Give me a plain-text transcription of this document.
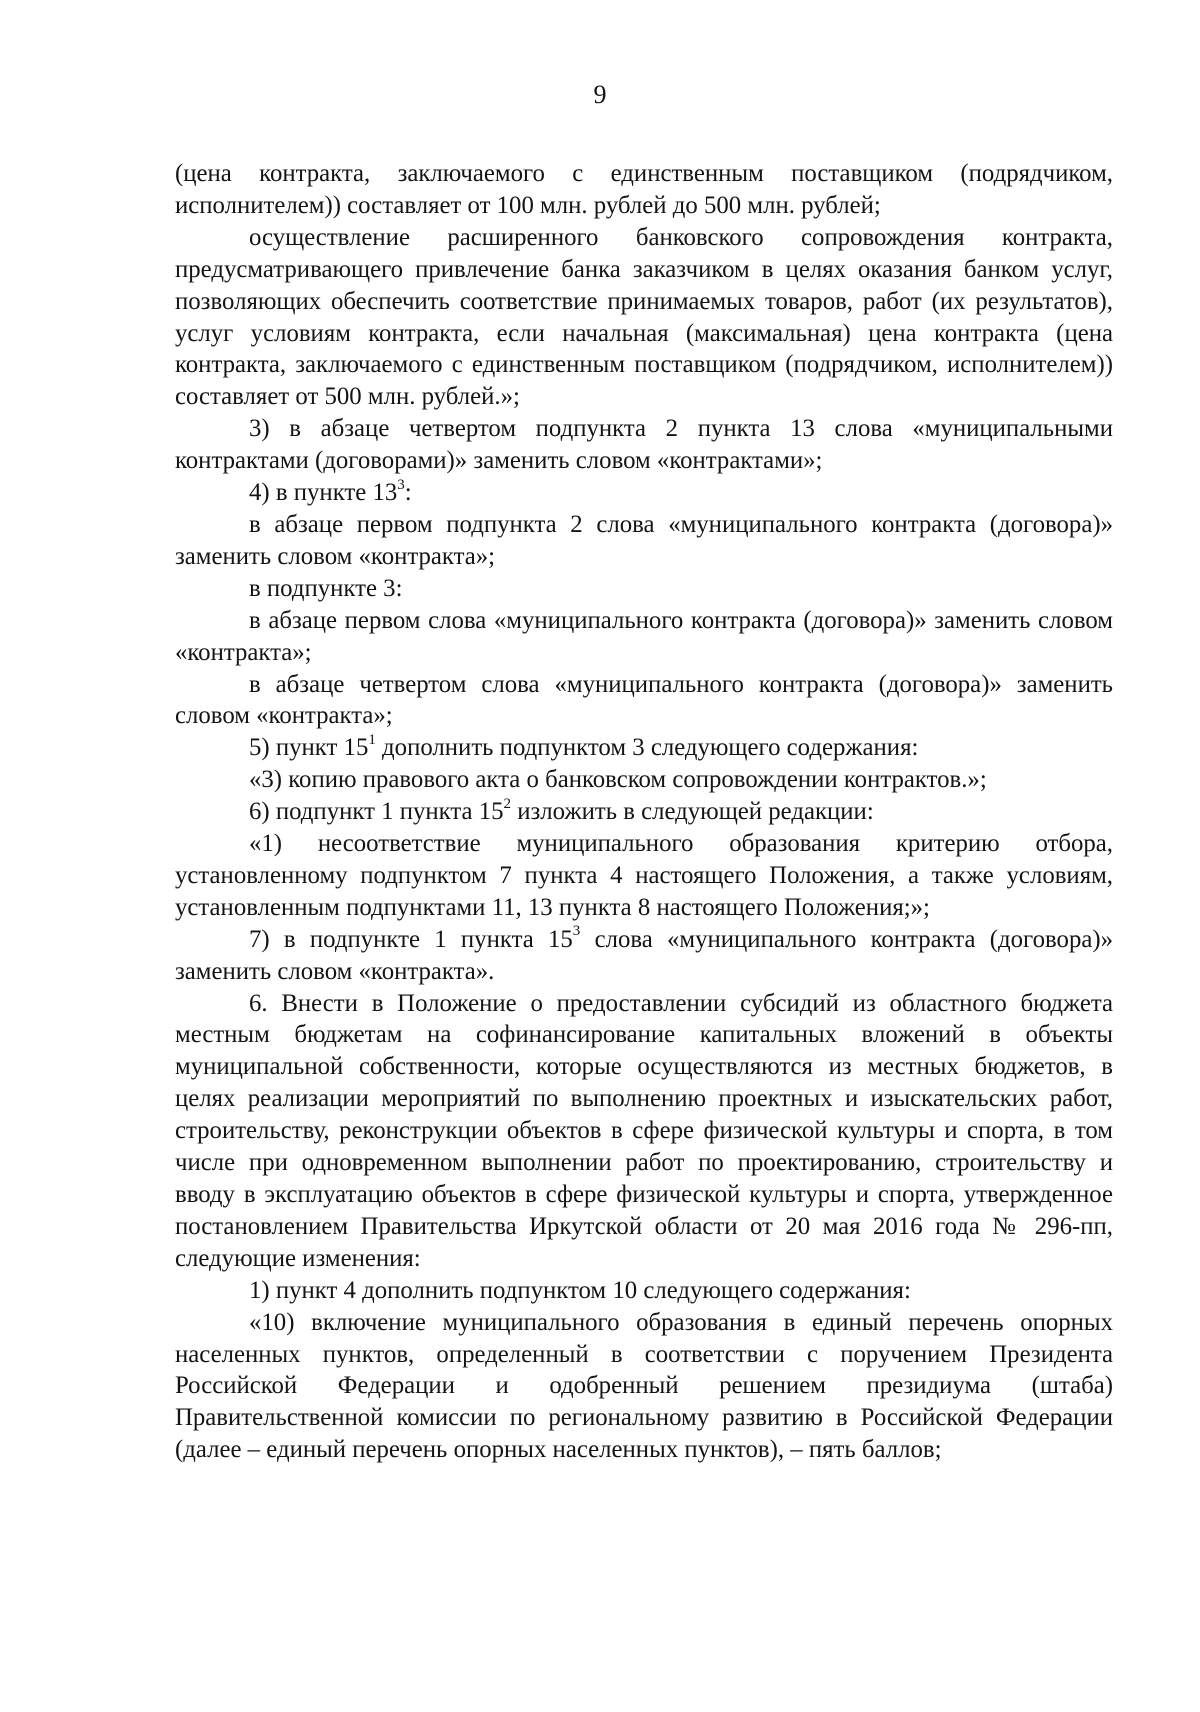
9

(цена контракта, заключаемого с единственным поставщиком (подрядчиком, исполнителем)) составляет от 100 млн. рублей до 500 млн. рублей;

осуществление расширенного банковского сопровождения контракта, предусматривающего привлечение банка заказчиком в целях оказания банком услуг, позволяющих обеспечить соответствие принимаемых товаров, работ (их результатов), услуг условиям контракта, если начальная (максимальная) цена контракта (цена контракта, заключаемого с единственным поставщиком (подрядчиком, исполнителем)) составляет от 500 млн. рублей.»;

3) в абзаце четвертом подпункта 2 пункта 13 слова «муниципальными контрактами (договорами)» заменить словом «контрактами»;

4) в пункте $13^3$:

в абзаце первом подпункта 2 слова «муниципального контракта (договора)» заменить словом «контракта»;

в подпункте 3:

в абзаце первом слова «муниципального контракта (договора)» заменить словом «контракта»;

в абзаце четвертом слова «муниципального контракта (договора)» заменить словом «контракта»;

5) пункт $15^1$ дополнить подпунктом 3 следующего содержания:

«3) копию правового акта о банковском сопровождении контрактов.»;

6) подпункт 1 пункта $15^2$ изложить в следующей редакции:

«1) несоответствие муниципального образования критерию отбора, установленному подпунктом 7 пункта 4 настоящего Положения, а также условиям, установленным подпунктами 11, 13 пункта 8 настоящего Положения;»;

7) в подпункте 1 пункта $15^3$ слова «муниципального контракта (договора)» заменить словом «контракта».

6. Внести в Положение о предоставлении субсидий из областного бюджета местным бюджетам на софинансирование капитальных вложений в объекты муниципальной собственности, которые осуществляются из местных бюджетов, в целях реализации мероприятий по выполнению проектных и изыскательских работ, строительству, реконструкции объектов в сфере физической культуры и спорта, в том числе при одновременном выполнении работ по проектированию, строительству и вводу в эксплуатацию объектов в сфере физической культуры и спорта, утвержденное постановлением Правительства Иркутской области от 20 мая 2016 года № 296-пп, следующие изменения:

1) пункт 4 дополнить подпунктом 10 следующего содержания:

«10) включение муниципального образования в единый перечень опорных населенных пунктов, определенный в соответствии с поручением Президента Российской Федерации и одобренный решением президиума (штаба) Правительственной комиссии по региональному развитию в Российской Федерации (далее – единый перечень опорных населенных пунктов), – пять баллов;
